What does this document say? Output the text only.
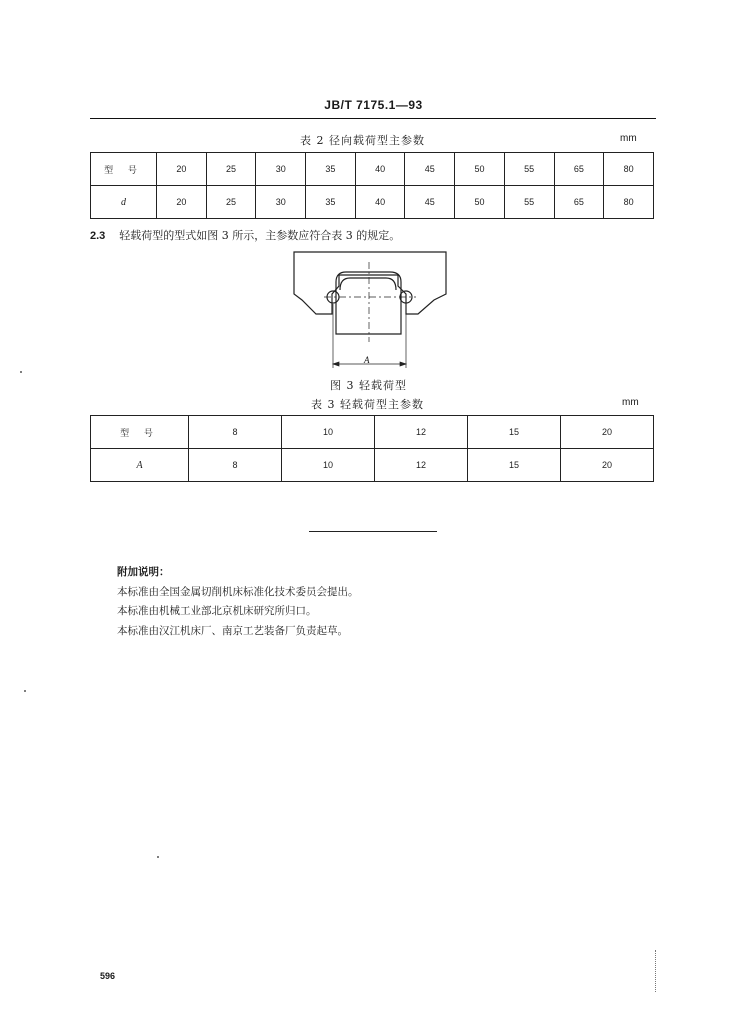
JB/T 7175.1—93
表 2 径向载荷型主参数	mm
型 号	20	25	30	35	40	45	50	55	65	80
d	20	25	30	35	40	45	50	55	65	80
2.3 轻载荷型的型式如图 3 所示，主参数应符合表 3 的规定。
A
图 3 轻载荷型
表 3 轻载荷型主参数	mm
型 号	8	10	12	15	20
A	8	10	12	15	20
附加说明：
本标准由全国金属切削机床标准化技术委员会提出。
本标准由机械工业部北京机床研究所归口。
本标准由汉江机床厂、南京工艺装备厂负责起草。
596
